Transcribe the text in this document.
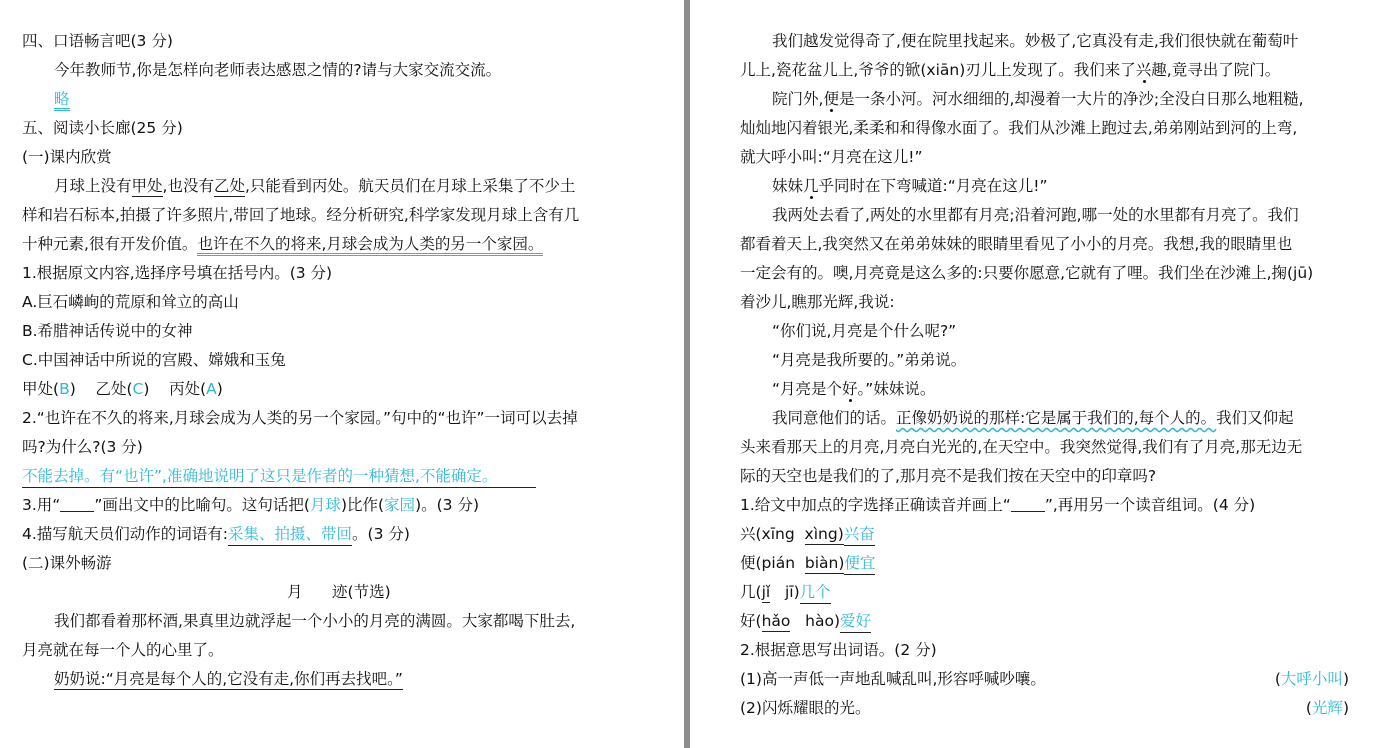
四、口语畅言吧(3 分)
今年教师节,你是怎样向老师表达感恩之情的?请与大家交流交流。
略
五、阅读小长廊(25 分)
(一)课内欣赏
月球上没有甲处,也没有乙处,只能看到丙处。航天员们在月球上采集了不少土
样和岩石标本,拍摄了许多照片,带回了地球。经分析研究,科学家发现月球上含有几
十种元素,很有开发价值。也许在不久的将来,月球会成为人类的另一个家园。
1.根据原文内容,选择序号填在括号内。(3 分)
A.巨石嶙峋的荒原和耸立的高山
B.希腊神话传说中的女神
C.中国神话中所说的宫殿、嫦娥和玉兔
甲处(B)    乙处(C)    丙处(A)
2.“也许在不久的将来,月球会成为人类的另一个家园。”句中的“也许”一词可以去掉
吗?为什么?(3 分)
不能去掉。有“也许”,准确地说明了这只是作者的一种猜想,不能确定。
3.用“ ”画出文中的比喻句。这句话把(月球)比作(家园)。(3 分)
4.描写航天员们动作的词语有:采集、拍摄、带回。(3 分)
(二)课外畅游
月      迹(节选)
我们都看着那杯酒,果真里边就浮起一个小小的月亮的满圆。大家都喝下肚去,
月亮就在每一个人的心里了。
奶奶说:“月亮是每个人的,它没有走,你们再去找吧。”
我们越发觉得奇了,便在院里找起来。妙极了,它真没有走,我们很快就在葡萄叶
儿上,瓷花盆儿上,爷爷的锨(xiān)刃儿上发现了。我们来了兴趣,竟寻出了院门。
院门外,便是一条小河。河水细细的,却漫着一大片的净沙;全没白日那么地粗糙,
灿灿地闪着银光,柔柔和和得像水面了。我们从沙滩上跑过去,弟弟刚站到河的上弯,
就大呼小叫:“月亮在这儿!”
妹妹几乎同时在下弯喊道:“月亮在这儿!”
我两处去看了,两处的水里都有月亮;沿着河跑,哪一处的水里都有月亮了。我们
都看着天上,我突然又在弟弟妹妹的眼睛里看见了小小的月亮。我想,我的眼睛里也
一定会有的。噢,月亮竟是这么多的:只要你愿意,它就有了哩。我们坐在沙滩上,掬(jū)
着沙儿,瞧那光辉,我说:
“你们说,月亮是个什么呢?”
“月亮是我所要的。”弟弟说。
“月亮是个好。”妹妹说。
我同意他们的话。正像奶奶说的那样:它是属于我们的,每个人的。我们又仰起
头来看那天上的月亮,月亮白光光的,在天空中。我突然觉得,我们有了月亮,那无边无
际的天空也是我们的了,那月亮不是我们按在天空中的印章吗?
1.给文中加点的字选择正确读音并画上“ ”,再用另一个读音组词。(4 分)
兴(xīng  xìng)兴奋
便(pián  biàn)便宜
几(jǐ   jī)几个
好(hǎo   hào)爱好
2.根据意思写出词语。(2 分)
(1)高一声低一声地乱喊乱叫,形容呼喊吵嚷。	(大呼小叫)
(2)闪烁耀眼的光。	(光辉)
